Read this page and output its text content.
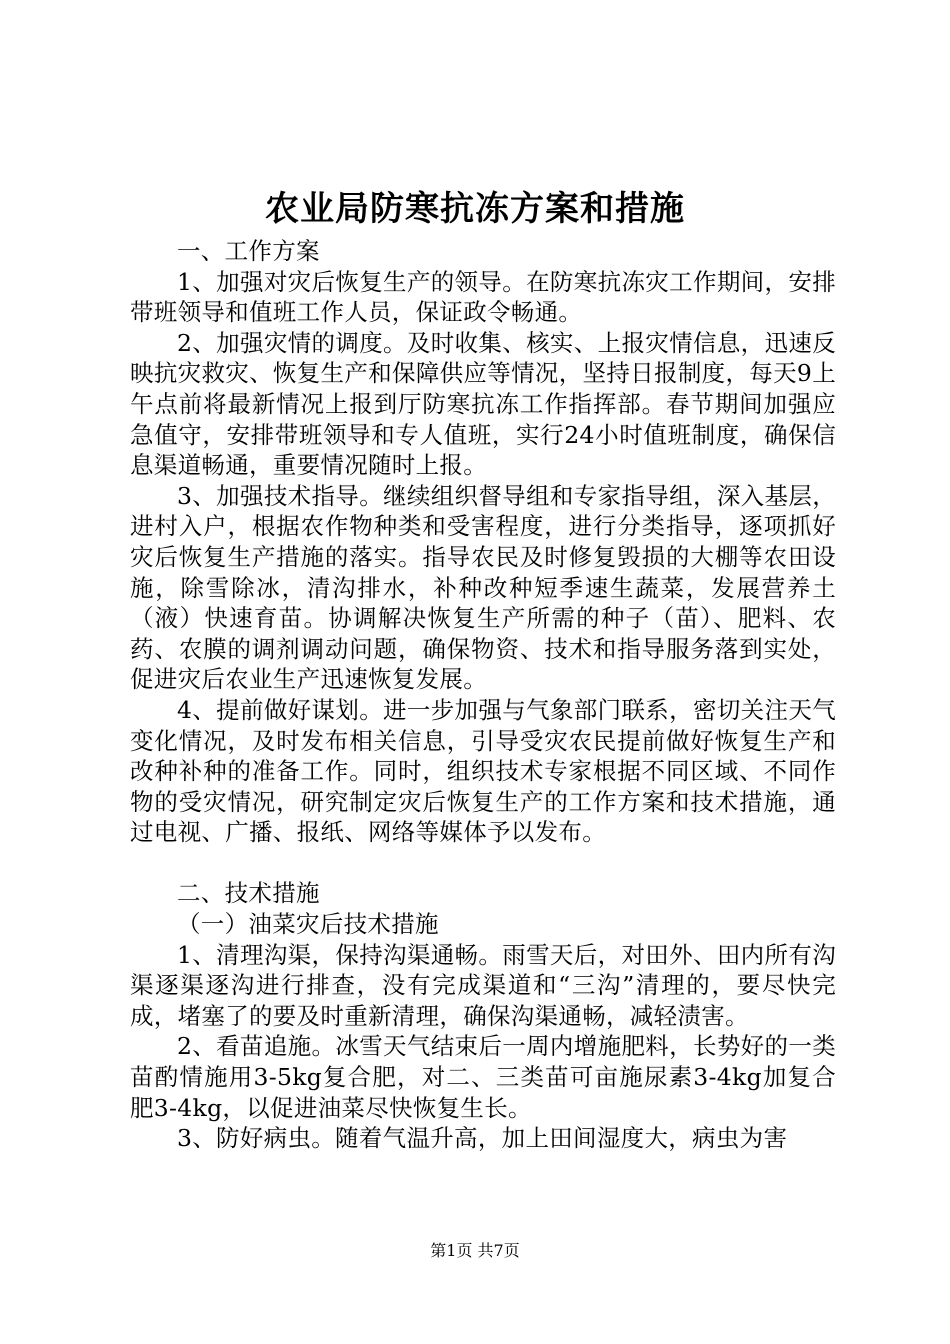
农业局防寒抗冻方案和措施

一、工作方案

1、加强对灾后恢复生产的领导。在防寒抗冻灾工作期间，安排带班领导和值班工作人员，保证政令畅通。

2、加强灾情的调度。及时收集、核实、上报灾情信息，迅速反映抗灾救灾、恢复生产和保障供应等情况，坚持日报制度，每天9上午点前将最新情况上报到厅防寒抗冻工作指挥部。春节期间加强应急值守，安排带班领导和专人值班，实行24小时值班制度，确保信息渠道畅通，重要情况随时上报。

3、加强技术指导。继续组织督导组和专家指导组，深入基层，进村入户，根据农作物种类和受害程度，进行分类指导，逐项抓好灾后恢复生产措施的落实。指导农民及时修复毁损的大棚等农田设施，除雪除冰，清沟排水，补种改种短季速生蔬菜，发展营养土（液）快速育苗。协调解决恢复生产所需的种子（苗）、肥料、农药、农膜的调剂调动问题，确保物资、技术和指导服务落到实处，促进灾后农业生产迅速恢复发展。

4、提前做好谋划。进一步加强与气象部门联系，密切关注天气变化情况，及时发布相关信息，引导受灾农民提前做好恢复生产和改种补种的准备工作。同时，组织技术专家根据不同区域、不同作物的受灾情况，研究制定灾后恢复生产的工作方案和技术措施，通过电视、广播、报纸、网络等媒体予以发布。

二、技术措施

（一）油菜灾后技术措施

1、清理沟渠，保持沟渠通畅。雨雪天后，对田外、田内所有沟渠逐渠逐沟进行排查，没有完成渠道和“三沟”清理的，要尽快完成，堵塞了的要及时重新清理，确保沟渠通畅，减轻渍害。

2、看苗追施。冰雪天气结束后一周内增施肥料，长势好的一类苗酌情施用3-5kg复合肥，对二、三类苗可亩施尿素3-4kg加复合肥3-4kg，以促进油菜尽快恢复生长。

3、防好病虫。随着气温升高，加上田间湿度大，病虫为害

第1页 共7页
